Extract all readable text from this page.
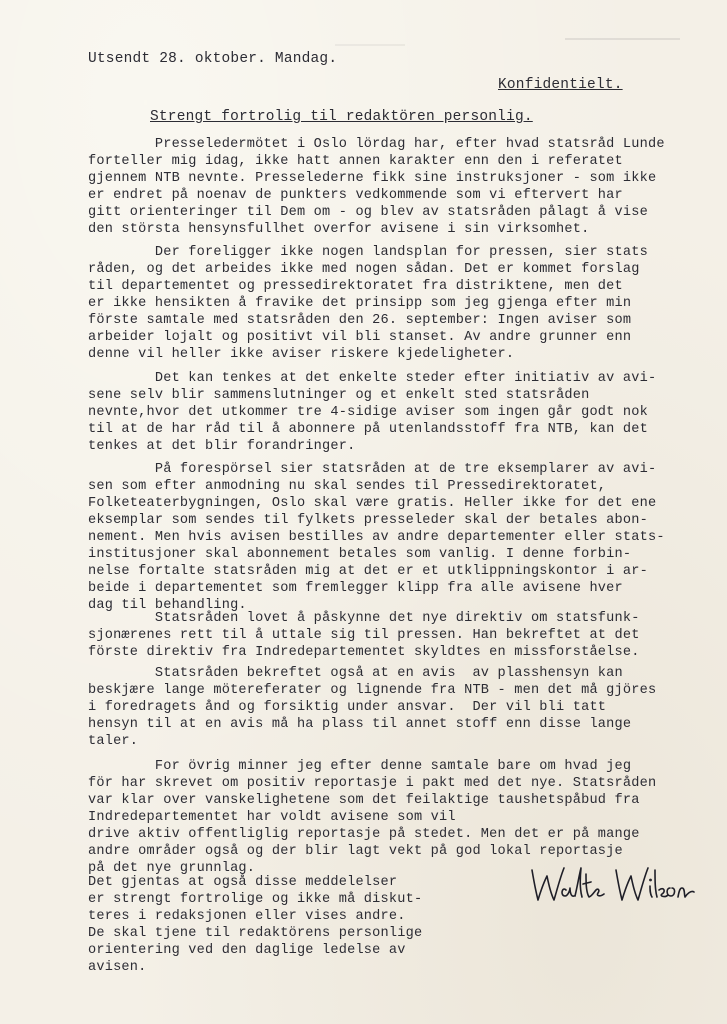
Utsendt 28. oktober. Mandag.
Konfidentielt.
Strengt fortrolig til redaktören personlig.
Presseledermötet i Oslo lördag har, efter hvad statsråd Lunde
forteller mig idag, ikke hatt annen karakter enn den i referatet
gjennem NTB nevnte. Presselederne fikk sine instruksjoner - som ikke
er endret på noenav de punkters vedkommende som vi eftervert har
gitt orienteringer til Dem om - og blev av statsråden pålagt å vise
den största hensynsfullhet overfor avisene i sin virksomhet.
Der foreligger ikke nogen landsplan for pressen, sier stats
råden, og det arbeides ikke med nogen sådan. Det er kommet forslag
til departementet og pressedirektoratet fra distriktene, men det
er ikke hensikten å fravike det prinsipp som jeg gjengа efter min
förste samtale med statsråden den 26. september: Ingen aviser som
arbeider lojalt og positivt vil bli stanset. Av andre grunner enn
denne vil heller ikke aviser riskere kjedeligheter.
Det kan tenkes at det enkelte steder efter initiativ av avi-
sene selv blir sammenslutninger og et enkelt sted statsråden
nevnte,hvor det utkommer tre 4-sidige aviser som ingen går godt nok
til at de har råd til å abonnere på utenlandsstoff fra NTB, kan det
tenkes at det blir forandringer.
På forespörsel sier statsråden at de tre eksemplarer av avi-
sen som efter anmodning nu skal sendes til Pressedirektoratet,
Folketeaterbygningen, Oslo skal være gratis. Heller ikke for det ene
eksemplar som sendes til fylkets presseleder skal der betales abon-
nement. Men hvis avisen bestilles av andre departementer eller stats-
institusjoner skal abonnement betales som vanlig. I denne forbin-
nelse fortalte statsråden mig at det er et utklippningskontor i ar-
beide i departementet som fremlegger klipp fra alle avisene hver
dag til behandling.
Statsråden lovet å påskynne det nye direktiv om statsfunk-
sjonærenes rett til å uttale sig til pressen. Han bekreftet at det
förste direktiv fra Indredepartementet skyldtes en missforståelse.
Statsråden bekreftet også at en avis  av plasshensyn kan
beskjære lange mötereferater og lignende fra NTB - men det må gjöres
i foredragets ånd og forsiktig under ansvar.  Der vil bli tatt
hensyn til at en avis må ha plass til annet stoff enn disse lange
taler.
For övrig minner jeg efter denne samtale bare om hvad jeg
för har skrevet om positiv reportasje i pakt med det nye. Statsråden
var klar over vanskelighetene som det feilaktige taushetspåbud fra
Indredepartementet har voldt avisene som vil
drive aktiv offentliglig reportasje på stedet. Men det er på mange
andre områder også og der blir lagt vekt på god lokal reportasje
på det nye grunnlag.
Det gjentas at også disse meddelelser
er strengt fortrolige og ikke må diskut-
teres i redaksjonen eller vises andre.
De skal tjene til redaktörens personlige
orientering ved den daglige ledelse av
avisen.
